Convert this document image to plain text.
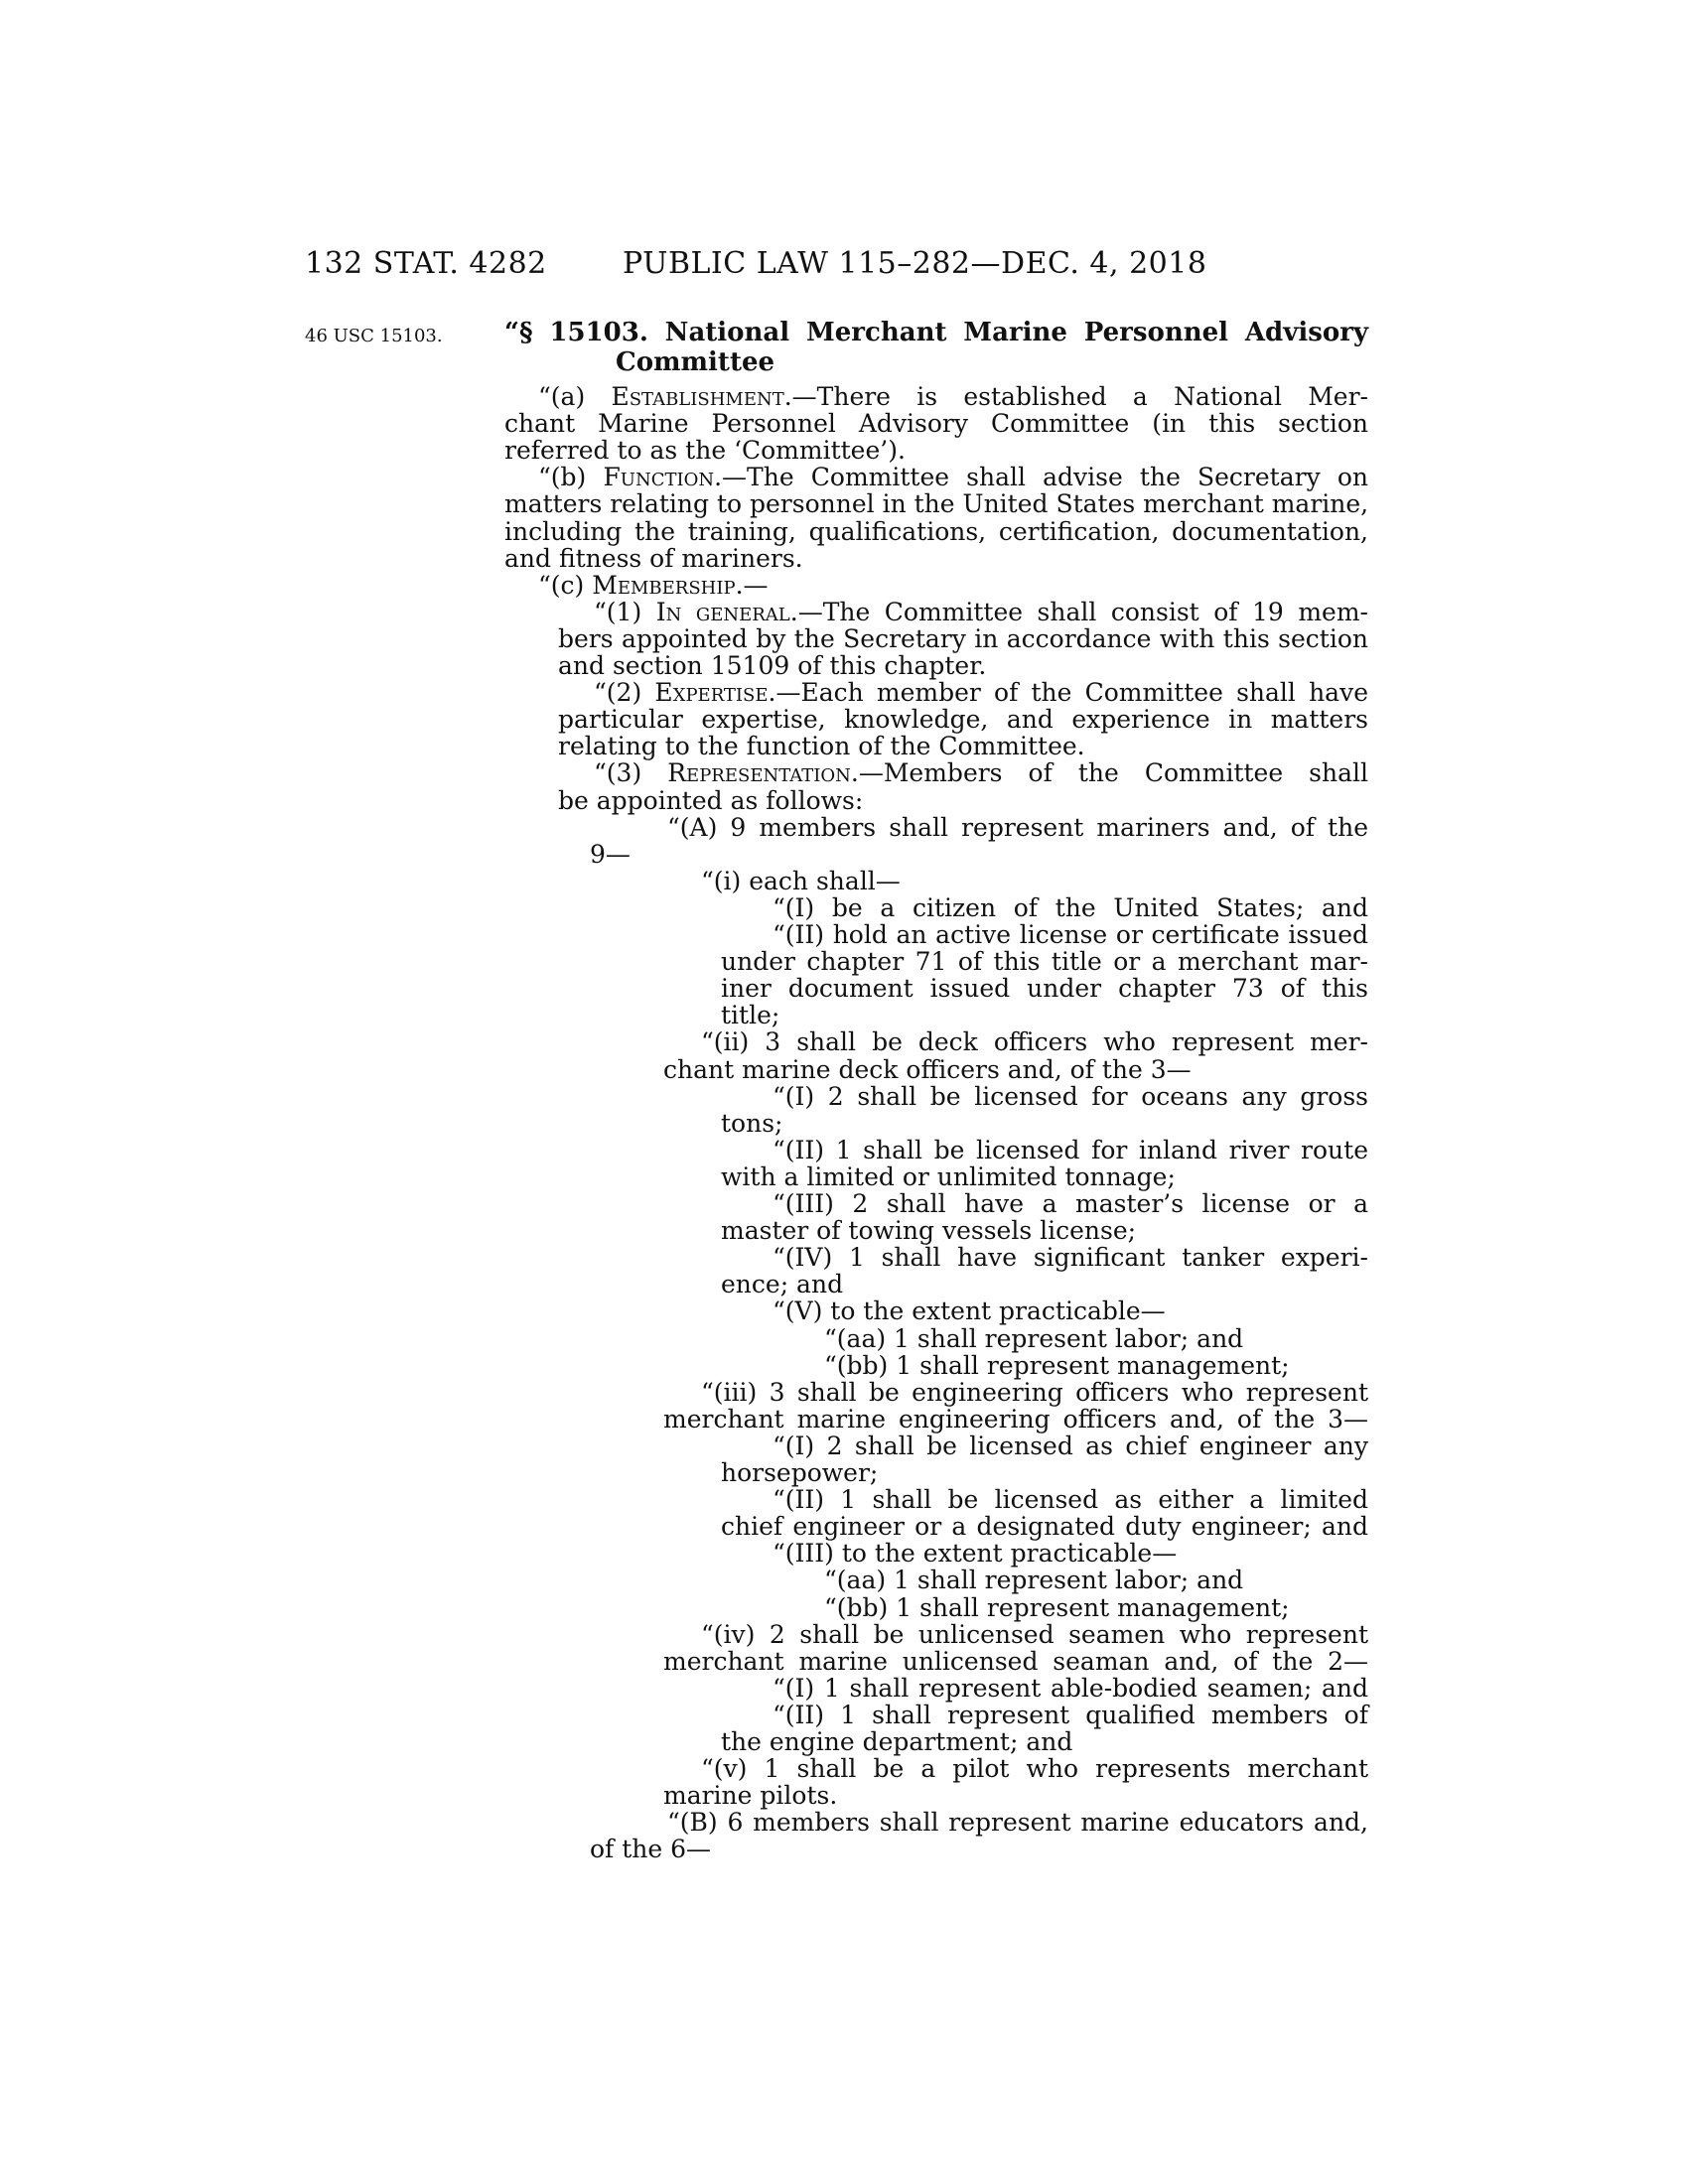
132 STAT. 4282	PUBLIC LAW 115–282—DEC. 4, 2018
46 USC 15103. “§ 15103. National Merchant Marine Personnel Advisory
Committee
“(a) Establishment.—There is established a National Mer-
chant Marine Personnel Advisory Committee (in this section
referred to as the ‘Committee’).
“(b) Function.—The Committee shall advise the Secretary on
matters relating to personnel in the United States merchant marine,
including the training, qualifications, certification, documentation,
and fitness of mariners.
“(c) Membership.—
“(1) In general.—The Committee shall consist of 19 mem-
bers appointed by the Secretary in accordance with this section
and section 15109 of this chapter.
“(2) Expertise.—Each member of the Committee shall have
particular expertise, knowledge, and experience in matters
relating to the function of the Committee.
“(3) Representation.—Members of the Committee shall
be appointed as follows:
“(A) 9 members shall represent mariners and, of the
9—
“(i) each shall—
“(I) be a citizen of the United States; and
“(II) hold an active license or certificate issued
under chapter 71 of this title or a merchant mar-
iner document issued under chapter 73 of this
title;
“(ii) 3 shall be deck officers who represent mer-
chant marine deck officers and, of the 3—
“(I) 2 shall be licensed for oceans any gross
tons;
“(II) 1 shall be licensed for inland river route
with a limited or unlimited tonnage;
“(III) 2 shall have a master’s license or a
master of towing vessels license;
“(IV) 1 shall have significant tanker experi-
ence; and
“(V) to the extent practicable—
“(aa) 1 shall represent labor; and
“(bb) 1 shall represent management;
“(iii) 3 shall be engineering officers who represent
merchant marine engineering officers and, of the 3—
“(I) 2 shall be licensed as chief engineer any
horsepower;
“(II) 1 shall be licensed as either a limited
chief engineer or a designated duty engineer; and
“(III) to the extent practicable—
“(aa) 1 shall represent labor; and
“(bb) 1 shall represent management;
“(iv) 2 shall be unlicensed seamen who represent
merchant marine unlicensed seaman and, of the 2—
“(I) 1 shall represent able-bodied seamen; and
“(II) 1 shall represent qualified members of
the engine department; and
“(v) 1 shall be a pilot who represents merchant
marine pilots.
“(B) 6 members shall represent marine educators and,
of the 6—
